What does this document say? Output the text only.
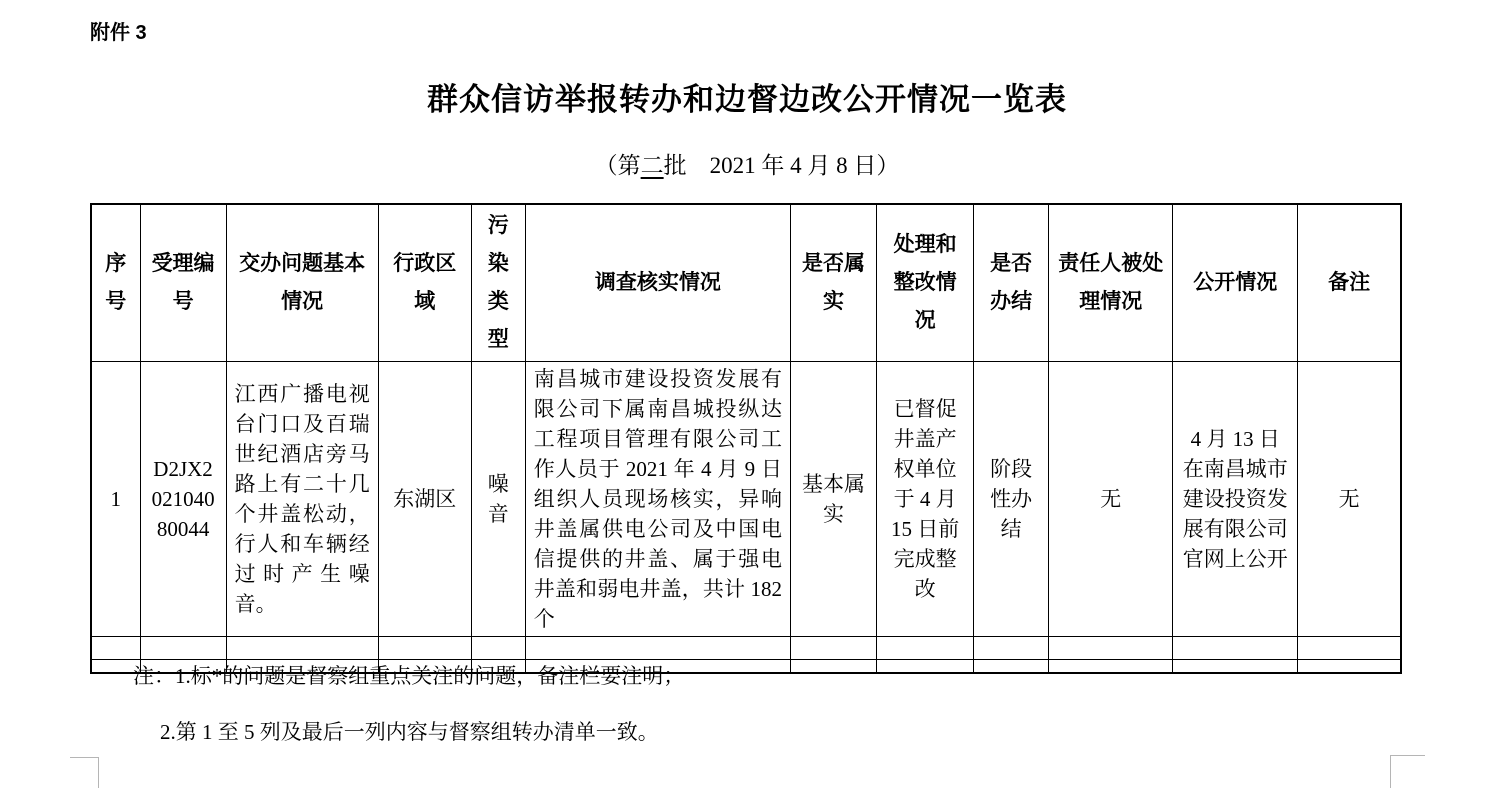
附件 3
群众信访举报转办和边督边改公开情况一览表
（第二批　2021 年 4 月 8 日）
序号	受理编号	交办问题基本情况	行政区域	污染类型	调查核实情况	是否属实	处理和整改情况	是否办结	责任人被处理情况	公开情况	备注
1	D2JX202104080044	江西广播电视台门口及百瑞世纪酒店旁马路上有二十几个井盖松动，行人和车辆经过时产生噪音。	东湖区	噪音	南昌城市建设投资发展有限公司下属南昌城投纵达工程项目管理有限公司工作人员于 2021 年 4 月 9 日组织人员现场核实，异响井盖属供电公司及中国电信提供的井盖、属于强电井盖和弱电井盖，共计 182 个	基本属实	已督促井盖产权单位于 4 月 15 日前完成整改	阶段性办结	无	4 月 13 日在南昌城市建设投资发展有限公司官网上公开	无

注：1.标*的问题是督察组重点关注的问题，备注栏要注明；
2.第 1 至 5 列及最后一列内容与督察组转办清单一致。
